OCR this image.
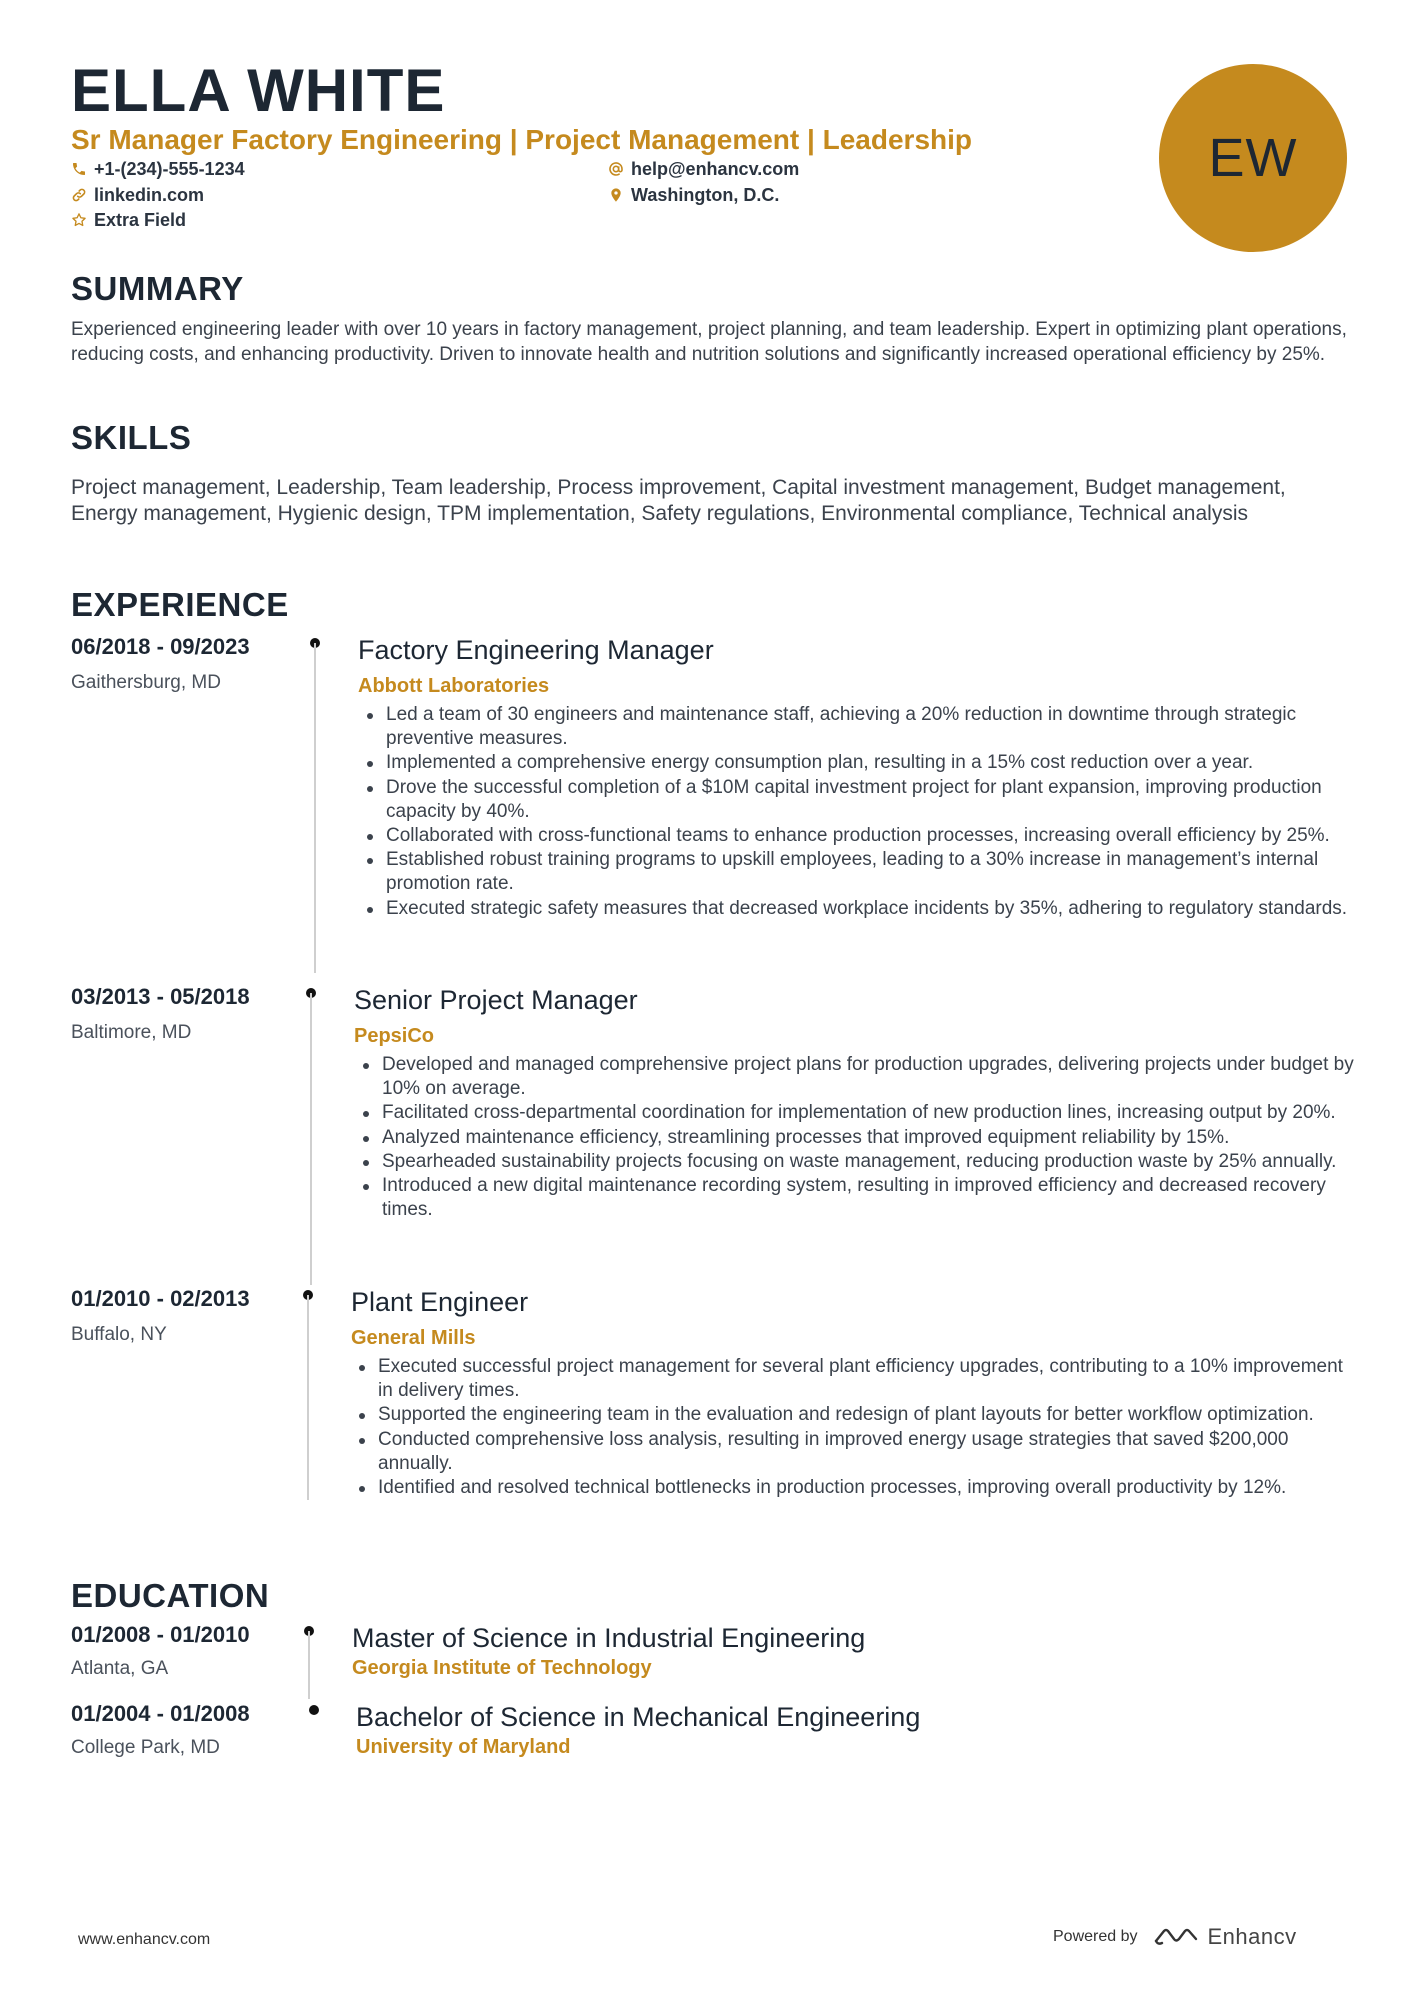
ELLA WHITE
Sr Manager Factory Engineering | Project Management | Leadership
+1-(234)-555-1234	help@enhancv.com
linkedin.com	Washington, D.C.
Extra Field
EW
SUMMARY

Experienced engineering leader with over 10 years in factory management, project planning, and team leadership. Expert in optimizing plant operations, reducing costs, and enhancing productivity. Driven to innovate health and nutrition solutions and significantly increased operational efficiency by 25%.

SKILLS

Project management, Leadership, Team leadership, Process improvement, Capital investment management, Budget management, Energy management, Hygienic design, TPM implementation, Safety regulations, Environmental compliance, Technical analysis

EXPERIENCE
06/2018 - 09/2023
Gaithersburg, MD
Factory Engineering Manager
Abbott Laboratories
Led a team of 30 engineers and maintenance staff, achieving a 20% reduction in downtime through strategic preventive measures.
Implemented a comprehensive energy consumption plan, resulting in a 15% cost reduction over a year.
Drove the successful completion of a $10M capital investment project for plant expansion, improving production capacity by 40%.
Collaborated with cross-functional teams to enhance production processes, increasing overall efficiency by 25%.
Established robust training programs to upskill employees, leading to a 30% increase in management’s internal promotion rate.
Executed strategic safety measures that decreased workplace incidents by 35%, adhering to regulatory standards.
03/2013 - 05/2018
Baltimore, MD
Senior Project Manager
PepsiCo
Developed and managed comprehensive project plans for production upgrades, delivering projects under budget by 10% on average.
Facilitated cross-departmental coordination for implementation of new production lines, increasing output by 20%.
Analyzed maintenance efficiency, streamlining processes that improved equipment reliability by 15%.
Spearheaded sustainability projects focusing on waste management, reducing production waste by 25% annually.
Introduced a new digital maintenance recording system, resulting in improved efficiency and decreased recovery times.
01/2010 - 02/2013
Buffalo, NY
Plant Engineer
General Mills
Executed successful project management for several plant efficiency upgrades, contributing to a 10% improvement in delivery times.
Supported the engineering team in the evaluation and redesign of plant layouts for better workflow optimization.
Conducted comprehensive loss analysis, resulting in improved energy usage strategies that saved $200,000 annually.
Identified and resolved technical bottlenecks in production processes, improving overall productivity by 12%.
EDUCATION
01/2008 - 01/2010
Atlanta, GA
Master of Science in Industrial Engineering
Georgia Institute of Technology
01/2004 - 01/2008
College Park, MD
Bachelor of Science in Mechanical Engineering
University of Maryland
www.enhancv.com	Powered by	Enhancv
